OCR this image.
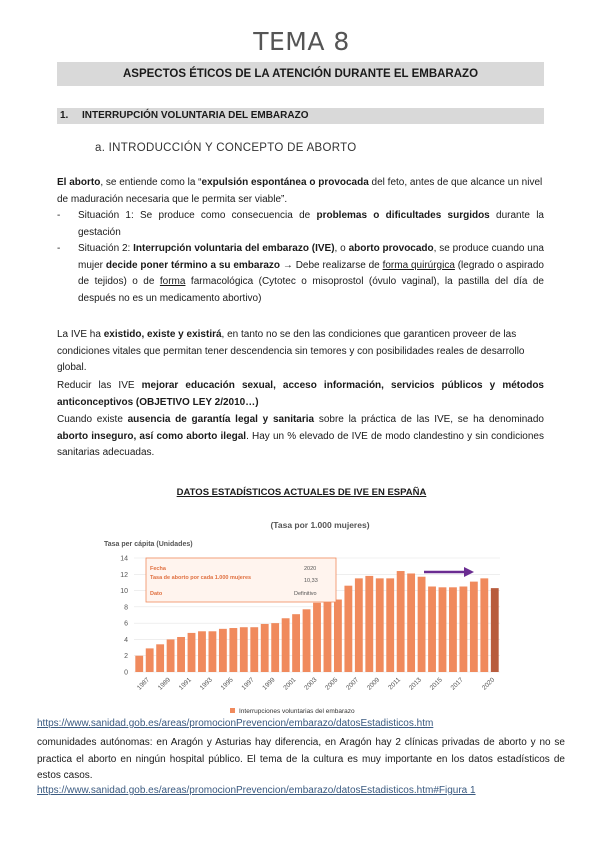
TEMA 8
ASPECTOS ÉTICOS DE LA ATENCIÓN DURANTE EL EMBARAZO
1. INTERRUPCIÓN VOLUNTARIA DEL EMBARAZO
a. INTRODUCCIÓN Y CONCEPTO DE ABORTO
El aborto, se entiende como la “expulsión espontánea o provocada del feto, antes de que alcance un nivel de maduración necesaria que le permita ser viable”.
- Situación 1: Se produce como consecuencia de problemas o dificultades surgidos durante la gestación
- Situación 2: Interrupción voluntaria del embarazo (IVE), o aborto provocado, se produce cuando una mujer decide poner término a su embarazo → Debe realizarse de forma quirúrgica (legrado o aspirado de tejidos) o de forma farmacológica (Cytotec o misoprostol (óvulo vaginal), la pastilla del día de después no es un medicamento abortivo)
La IVE ha existido, existe y existirá, en tanto no se den las condiciones que garanticen proveer de las condiciones vitales que permitan tener descendencia sin temores y con posibilidades reales de desarrollo global.
Reducir las IVE mejorar educación sexual, acceso información, servicios públicos y métodos anticonceptivos (OBJETIVO LEY 2/2010…)
Cuando existe ausencia de garantía legal y sanitaria sobre la práctica de las IVE, se ha denominado aborto inseguro, así como aborto ilegal. Hay un % elevado de IVE de modo clandestino y sin condiciones sanitarias adecuadas.
DATOS ESTADÍSTICOS ACTUALES DE IVE EN ESPAÑA
(Tasa por 1.000 mujeres)
Tasa per cápita (Unidades)
0
2
4
6
8
10
12
14
1987 1989 1991 1993 1995 1997 1999 2001 2003 2005 2007 2009 2011 2013 2015 2017 2020
Fecha
Tasa de aborto por cada 1.000 mujeres
Dato
2020
10,33
Definitivo
Interrupciones voluntarias del embarazo
https://www.sanidad.gob.es/areas/promocionPrevencion/embarazo/datosEstadisticos.htm
comunidades autónomas: en Aragón y Asturias hay diferencia, en Aragón hay 2 clínicas privadas de aborto y no se practica el aborto en ningún hospital público. El tema de la cultura es muy importante en los datos estadísticos de estos casos.
https://www.sanidad.gob.es/areas/promocionPrevencion/embarazo/datosEstadisticos.htm#Figura 1
